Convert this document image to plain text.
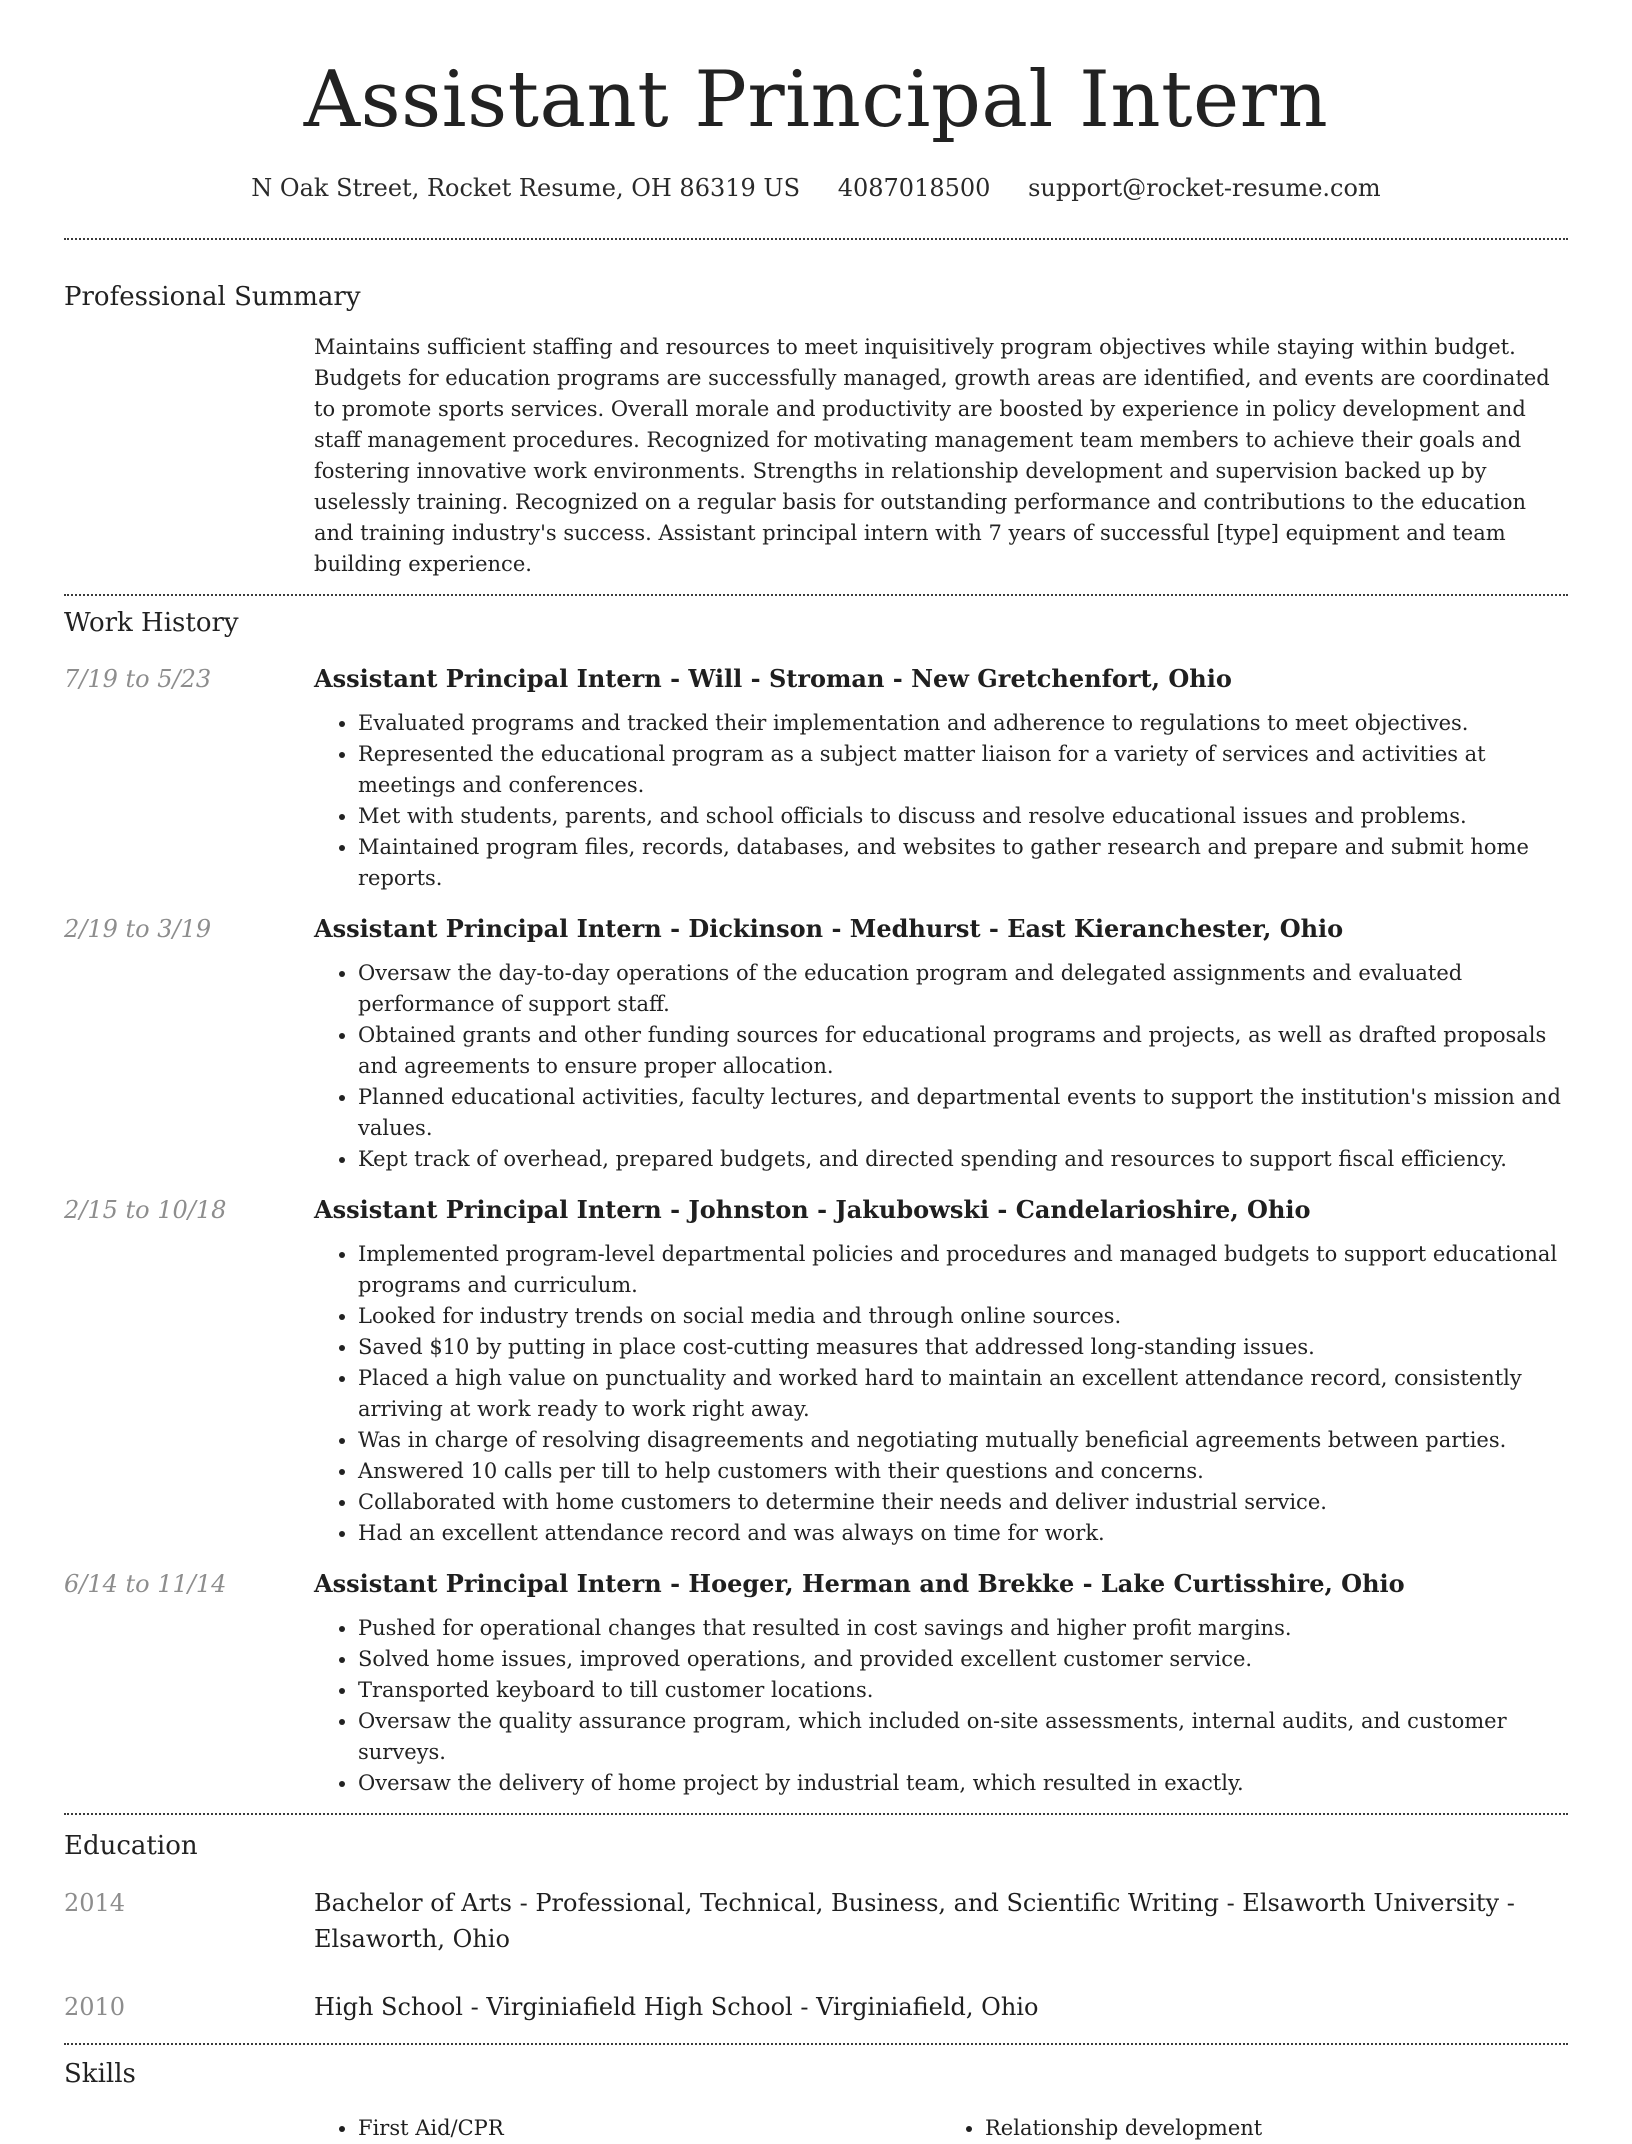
Assistant Principal Intern
N Oak Street, Rocket Resume, OH 86319 US 4087018500 support@rocket-resume.com
Professional Summary

Maintains sufficient staffing and resources to meet inquisitively program objectives while staying within budget. Budgets for education programs are successfully managed, growth areas are identified, and events are coordinated to promote sports services. Overall morale and productivity are boosted by experience in policy development and staff management procedures. Recognized for motivating management team members to achieve their goals and fostering innovative work environments. Strengths in relationship development and supervision backed up by uselessly training. Recognized on a regular basis for outstanding performance and contributions to the education and training industry's success. Assistant principal intern with 7 years of successful [type] equipment and team building experience.

Work History
7/19 to 5/23	Assistant Principal Intern - Will - Stroman - New Gretchenfort, Ohio
• Evaluated programs and tracked their implementation and adherence to regulations to meet objectives.
• Represented the educational program as a subject matter liaison for a variety of services and activities at meetings and conferences.
• Met with students, parents, and school officials to discuss and resolve educational issues and problems.
• Maintained program files, records, databases, and websites to gather research and prepare and submit home reports.
2/19 to 3/19	Assistant Principal Intern - Dickinson - Medhurst - East Kieranchester, Ohio
• Oversaw the day-to-day operations of the education program and delegated assignments and evaluated performance of support staff.
• Obtained grants and other funding sources for educational programs and projects, as well as drafted proposals and agreements to ensure proper allocation.
• Planned educational activities, faculty lectures, and departmental events to support the institution's mission and values.
• Kept track of overhead, prepared budgets, and directed spending and resources to support fiscal efficiency.
2/15 to 10/18	Assistant Principal Intern - Johnston - Jakubowski - Candelarioshire, Ohio
• Implemented program-level departmental policies and procedures and managed budgets to support educational programs and curriculum.
• Looked for industry trends on social media and through online sources.
• Saved $10 by putting in place cost-cutting measures that addressed long-standing issues.
• Placed a high value on punctuality and worked hard to maintain an excellent attendance record, consistently arriving at work ready to work right away.
• Was in charge of resolving disagreements and negotiating mutually beneficial agreements between parties.
• Answered 10 calls per till to help customers with their questions and concerns.
• Collaborated with home customers to determine their needs and deliver industrial service.
• Had an excellent attendance record and was always on time for work.
6/14 to 11/14	Assistant Principal Intern - Hoeger, Herman and Brekke - Lake Curtisshire, Ohio
• Pushed for operational changes that resulted in cost savings and higher profit margins.
• Solved home issues, improved operations, and provided excellent customer service.
• Transported keyboard to till customer locations.
• Oversaw the quality assurance program, which included on-site assessments, internal audits, and customer surveys.
• Oversaw the delivery of home project by industrial team, which resulted in exactly.
Education
2014	Bachelor of Arts - Professional, Technical, Business, and Scientific Writing - Elsaworth University - Elsaworth, Ohio
2010	High School - Virginiafield High School - Virginiafield, Ohio
Skills
• First Aid/CPR
•	Relationship development
